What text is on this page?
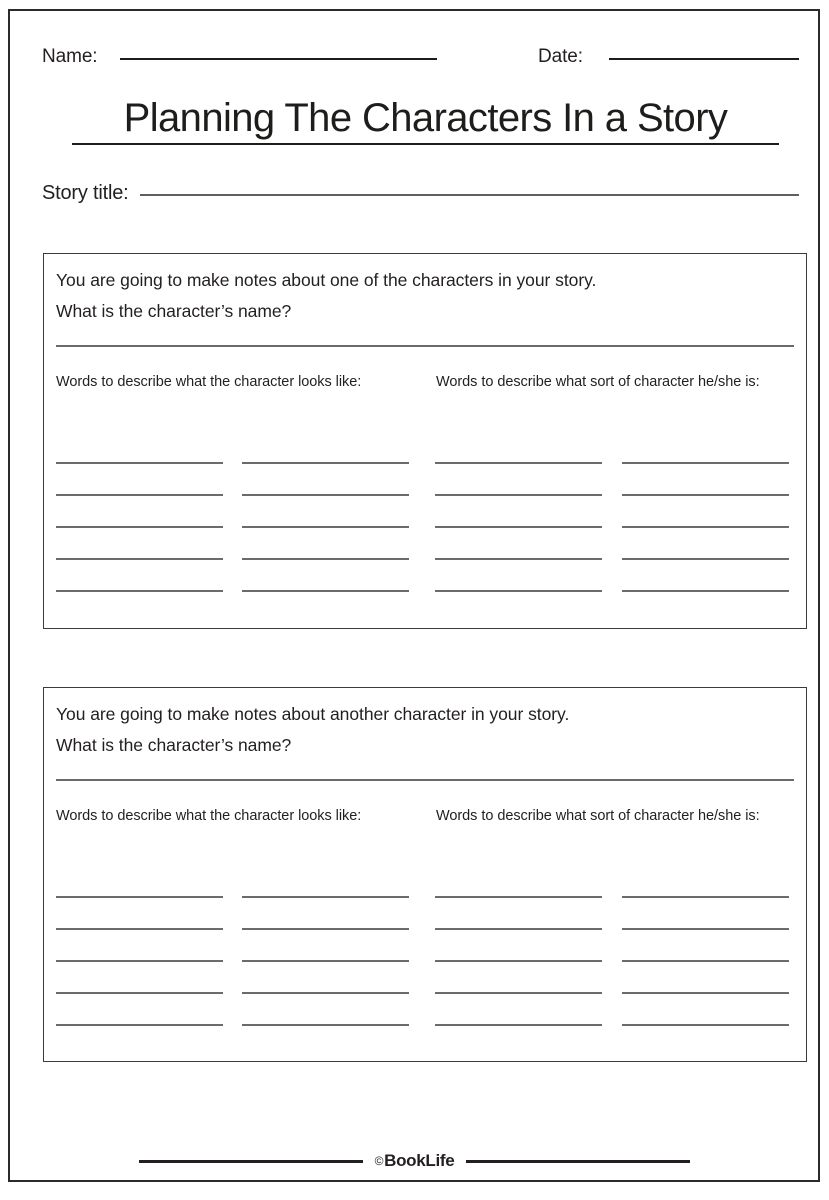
Name:	Date:
Planning The Characters In a Story
Story title:
You are going to make notes about one of the characters in your story.
What is the character’s name?
Words to describe what the character looks like:	Words to describe what sort of character he/she is:
You are going to make notes about another character in your story.
What is the character’s name?
Words to describe what the character looks like:	Words to describe what sort of character he/she is:
© BookLife
